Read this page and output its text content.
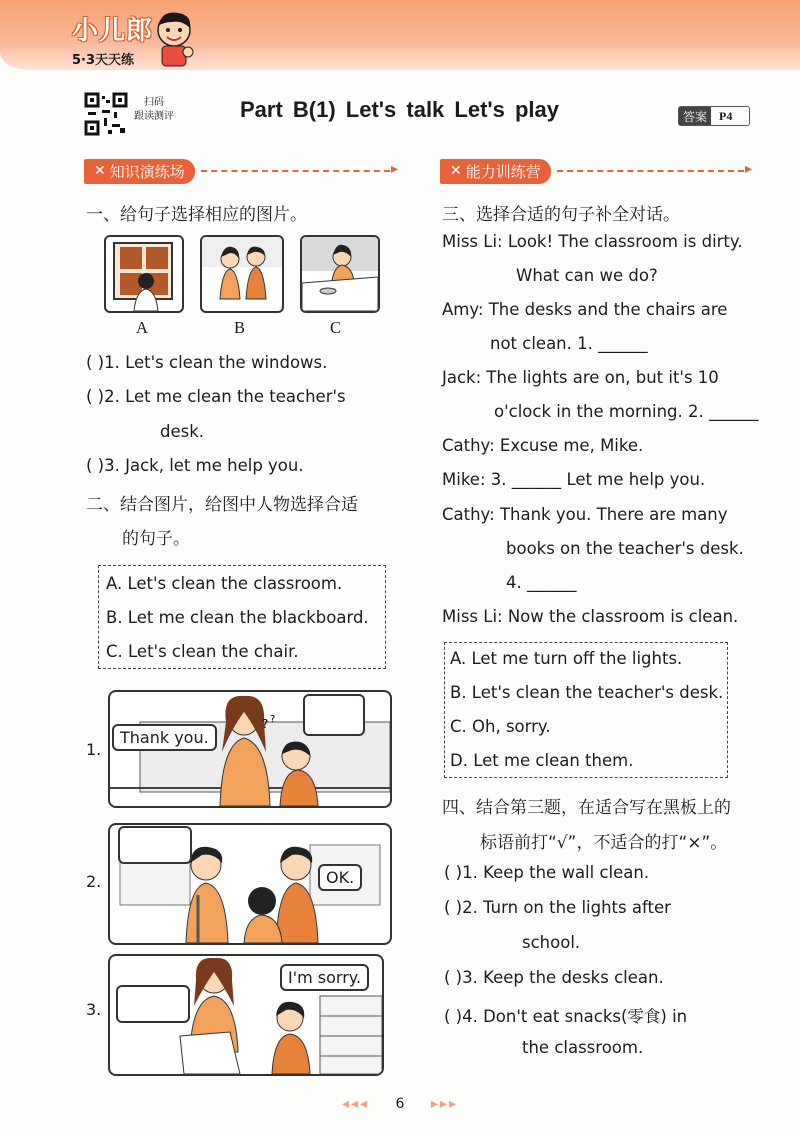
小儿郎
5·3天天练
扫码
跟读测评	Part B(1) Let's talk Let's play	答案	P4
✕ 知识演练场
▸
一、给句子选择相应的图片。
A	B	C
( )1. Let's clean the windows.
( )2. Let me clean the teacher's
desk.
( )3. Jack, let me help you.
二、结合图片，给图中人物选择合适
的句子。
A. Let's clean the classroom.
B. Let me clean the blackboard.
C. Let's clean the chair.
1.
? ?
Thank you.
2.	OK.
3.
I'm sorry.
✕ 能力训练营
▸
三、选择合适的句子补全对话。
Miss Li: Look! The classroom is dirty.
What can we do?
Amy: The desks and the chairs are
not clean. 1. ______
Jack: The lights are on, but it's 10
o'clock in the morning. 2. ______
Cathy: Excuse me, Mike.
Mike: 3. ______ Let me help you.
Cathy: Thank you. There are many
books on the teacher's desk.
4. ______
Miss Li: Now the classroom is clean.
A. Let me turn off the lights.
B. Let's clean the teacher's desk.
C. Oh, sorry.
D. Let me clean them.
四、结合第三题，在适合写在黑板上的
标语前打“√”，不适合的打“×”。
( )1. Keep the wall clean.
( )2. Turn on the lights after
school.
( )3. Keep the desks clean.
( )4. Don't eat snacks(零食) in
the classroom.
◂◂◂ 6 ▸▸▸
